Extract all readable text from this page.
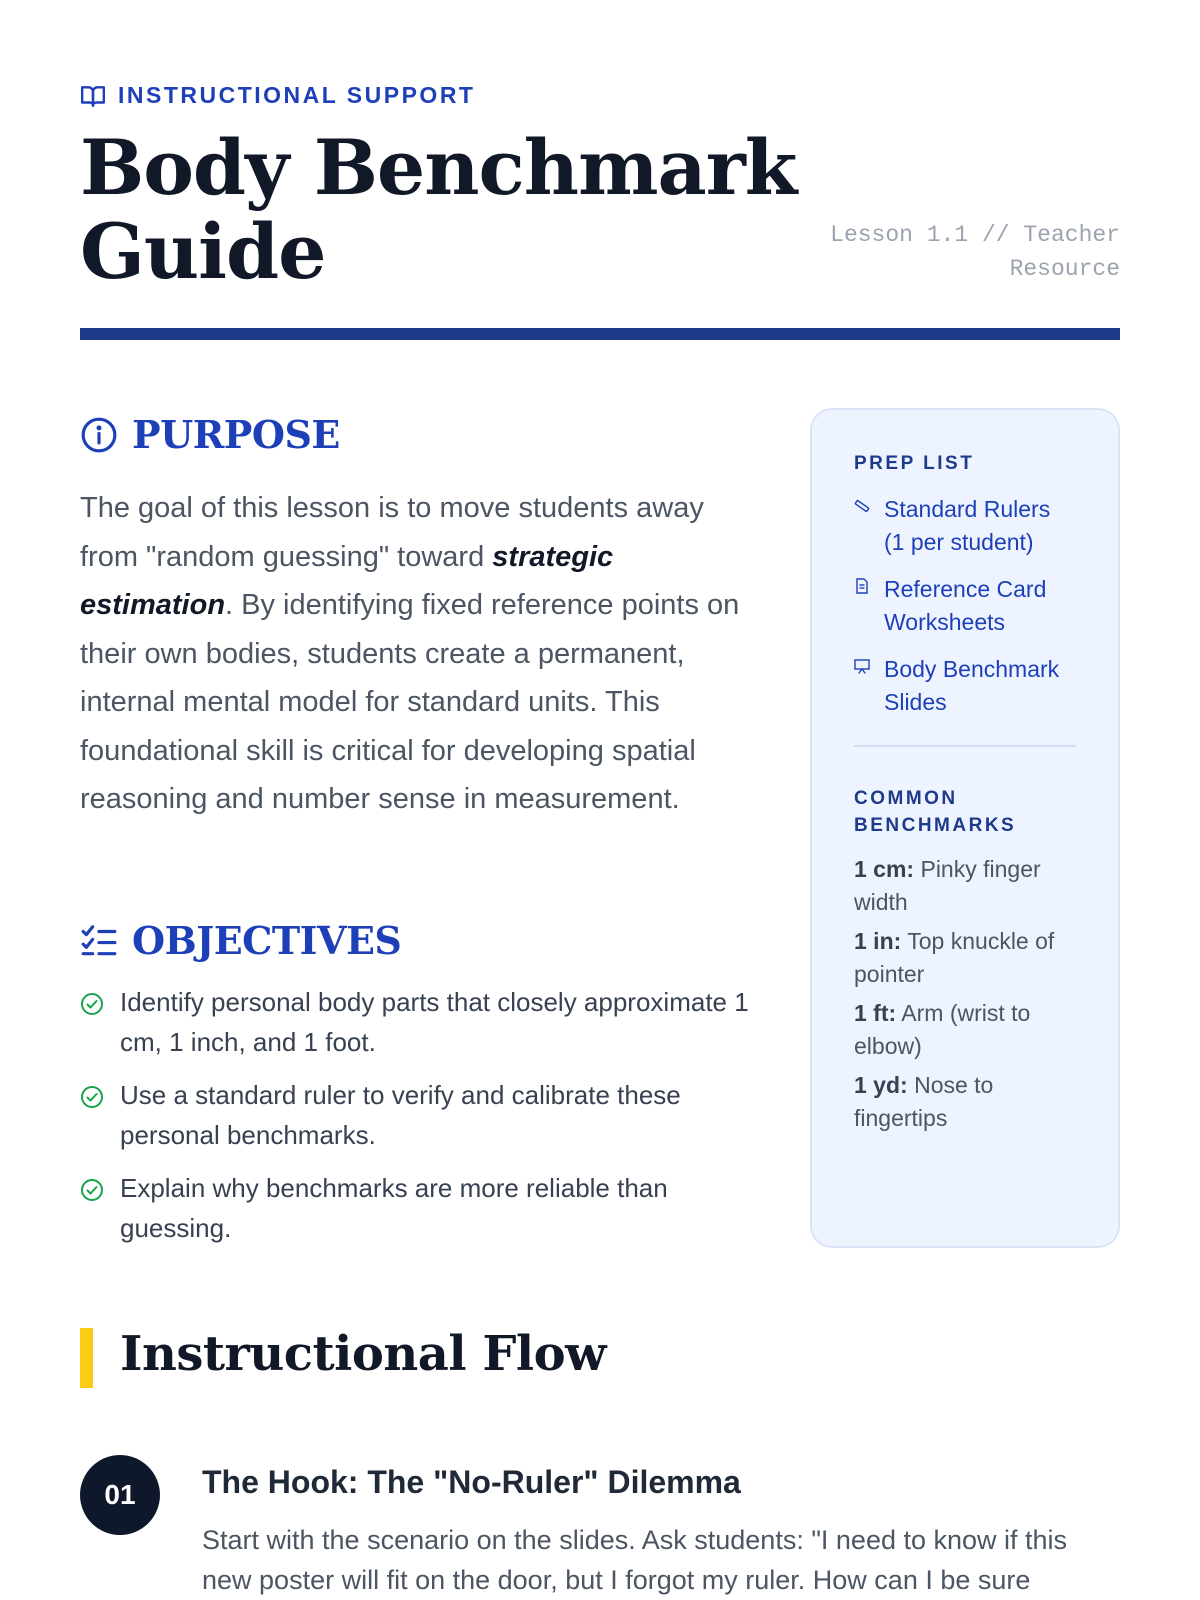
INSTRUCTIONAL SUPPORT
Body Benchmark Guide	Lesson 1.1 // Teacher Resource
PURPOSE

The goal of this lesson is to move students away from "random guessing" toward strategic estimation. By identifying fixed reference points on their own bodies, students create a permanent, internal mental model for standard units. This foundational skill is critical for developing spatial reasoning and number sense in measurement.

OBJECTIVES
Identify personal body parts that closely approximate 1 cm, 1 inch, and 1 foot.
Use a standard ruler to verify and calibrate these personal benchmarks.
Explain why benchmarks are more reliable than guessing.
PREP LIST
Standard Rulers (1 per student)
Reference Card Worksheets
Body Benchmark Slides
COMMON BENCHMARKS
1 cm: Pinky finger width
1 in: Top knuckle of pointer
1 ft: Arm (wrist to elbow)
1 yd: Nose to fingertips
Instructional Flow
01	The Hook: The "No-Ruler" Dilemma

Start with the scenario on the slides. Ask students: "I need to know if this new poster will fit on the door, but I forgot my ruler. How can I be sure
